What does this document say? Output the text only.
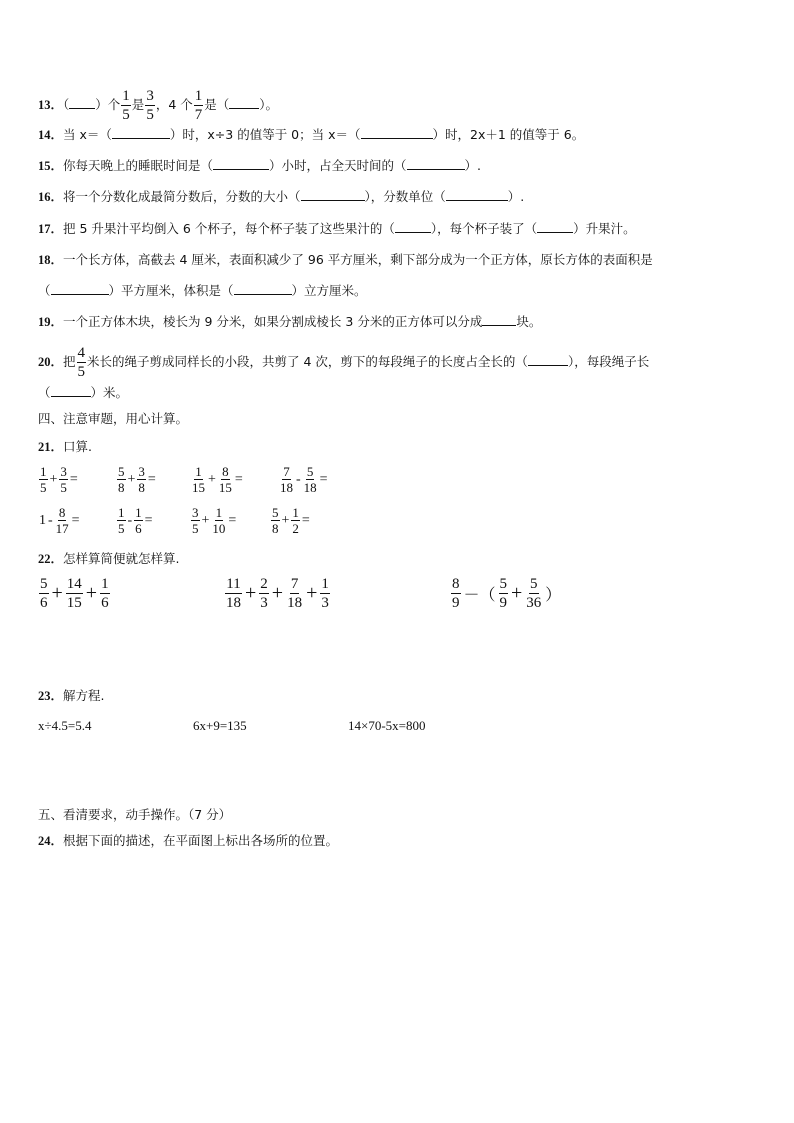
13．（ ）个 $\frac{1}{5}$ 是 $\frac{3}{5}$ ，4 个 $\frac{1}{7}$ 是（ ）。
14．当 x＝（	）时，x÷3 的值等于 0；当 x＝（	）时，2x＋1 的值等于 6。
15．你每天晚上的睡眠时间是（	）小时，占全天时间的（	）.
16．将一个分数化成最简分数后，分数的大小（	），分数单位（	）.
17．把 5 升果汁平均倒入 6 个杯子，每个杯子装了这些果汁的（	），每个杯子装了（	）升果汁。
18．一个长方体，高截去 4 厘米，表面积减少了 96 平方厘米，剩下部分成为一个正方体，原长方体的表面积是
（	）平方厘米，体积是（	）立方厘米。
19．一个正方体木块，棱长为 9 分米，如果分割成棱长 3 分米的正方体可以分成	块。
20．把 $\frac{4}{5}$ 米长的绳子剪成同样长的小段，共剪了 4 次，剪下的每段绳子的长度占全长的（	），每段绳子长
（	）米。
四、注意审题，用心计算。
21．口算.
$\frac{1}{5} + \frac{3}{5}$ =	$\frac{5}{8} + \frac{3}{8}$ =	$\frac{1}{15} + \frac{8}{15}$ =	$\frac{7}{18} - \frac{5}{18}$ =
$1 - \frac{8}{17}$ =	$\frac{1}{5} - \frac{1}{6}$ =	$\frac{3}{5} + \frac{1}{10}$ =	$\frac{5}{8} + \frac{1}{2}$ =
22．怎样算简便就怎样算.
$\frac{5}{6} + \frac{14}{15} + \frac{1}{6}$	$\frac{11}{18} + \frac{2}{3} + \frac{7}{18} + \frac{1}{3}$	$\frac{8}{9}$ －（ $\frac{5}{9} + \frac{5}{36}$ ）
23．解方程.
x÷4.5=5.4	6x+9=135	14×70-5x=800
五、看清要求，动手操作。（7 分）
24．根据下面的描述，在平面图上标出各场所的位置。
